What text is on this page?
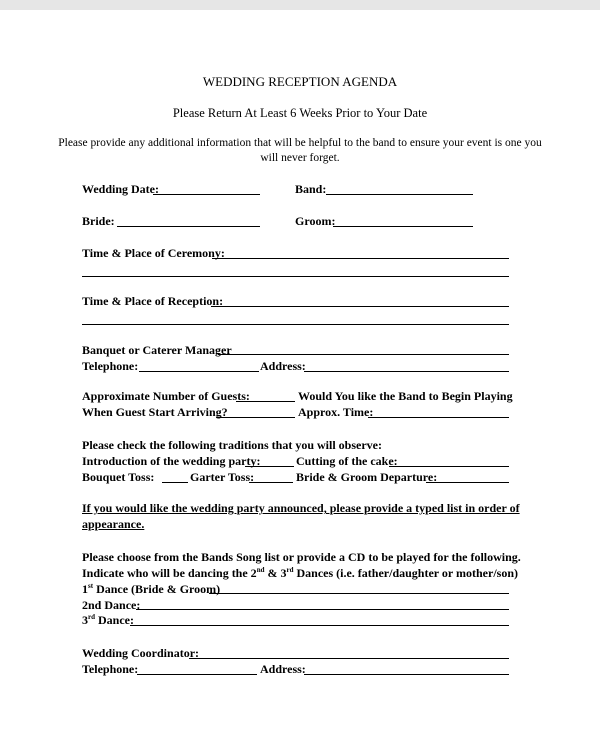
WEDDING RECEPTION AGENDA
Please Return At Least 6 Weeks Prior to Your Date
Please provide any additional information that will be helpful to the band to ensure your event is one you
will never forget.
Wedding Date:	Band:
Bride:	Groom:
Time & Place of Ceremony:
Time & Place of Reception:
Banquet or Caterer Manager
Telephone:	Address:
Approximate Number of Guests:	Would You like the Band to Begin Playing
When Guest Start Arriving?	Approx. Time:
Please check the following traditions that you will observe:
Introduction of the wedding party:	Cutting of the cake:
Bouquet Toss:	Garter Toss:	Bride & Groom Departure:
If you would like the wedding party announced, please provide a typed list in order of
appearance.
Please choose from the Bands Song list or provide a CD to be played for the following.
Indicate who will be dancing the 2nd & 3rd Dances (i.e. father/daughter or mother/son)
1st Dance (Bride & Groom)
2nd Dance:
3rd Dance:
Wedding Coordinator:
Telephone:	Address:
